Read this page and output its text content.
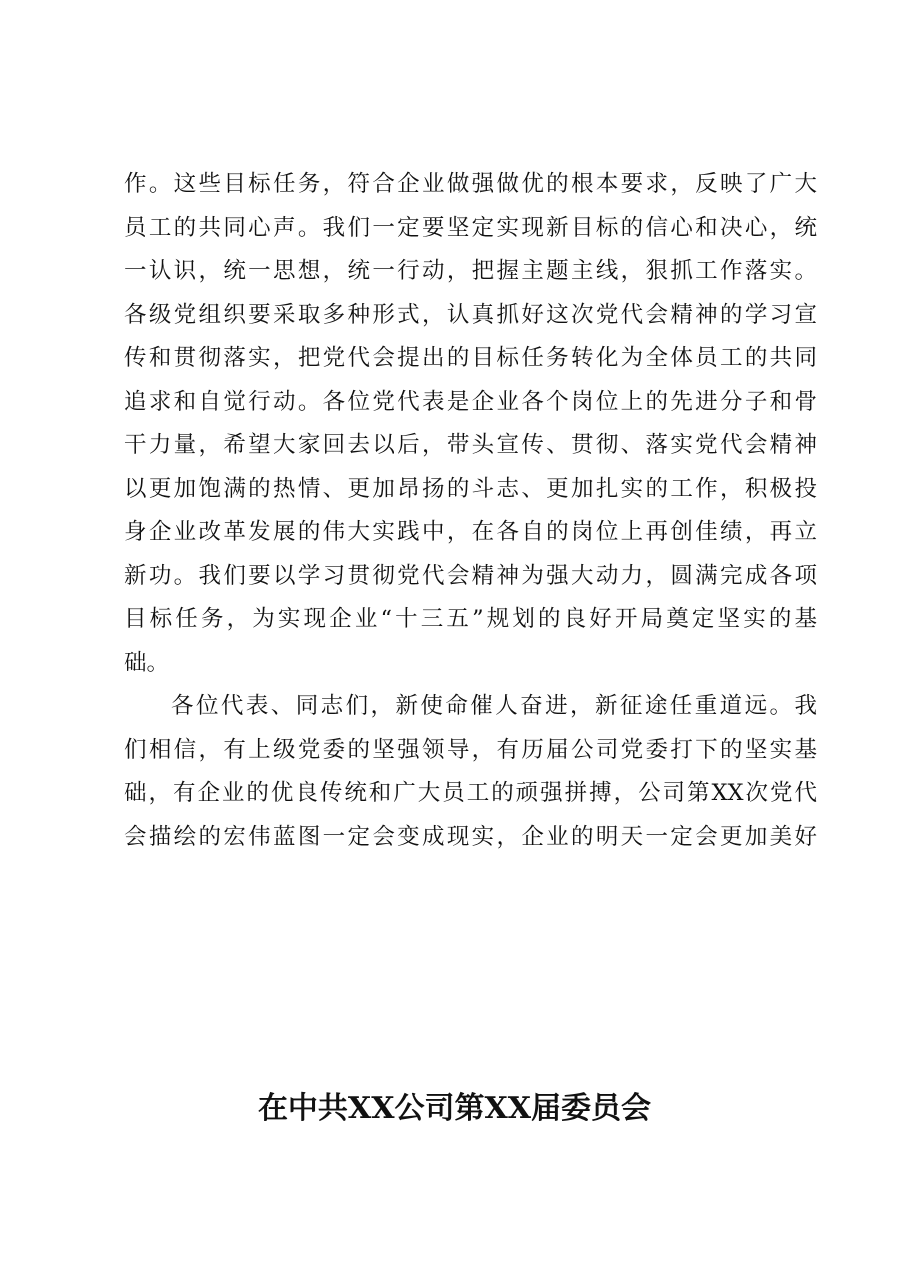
作。这些目标任务，符合企业做强做优的根本要求，反映了广大
员工的共同心声。我们一定要坚定实现新目标的信心和决心，统
一认识，统一思想，统一行动，把握主题主线，狠抓工作落实。
各级党组织要采取多种形式，认真抓好这次党代会精神的学习宣
传和贯彻落实，把党代会提出的目标任务转化为全体员工的共同
追求和自觉行动。各位党代表是企业各个岗位上的先进分子和骨
干力量，希望大家回去以后，带头宣传、贯彻、落实党代会精神
以更加饱满的热情、更加昂扬的斗志、更加扎实的工作，积极投
身企业改革发展的伟大实践中，在各自的岗位上再创佳绩，再立
新功。我们要以学习贯彻党代会精神为强大动力，圆满完成各项
目标任务，为实现企业“十三五”规划的良好开局奠定坚实的基
础。
各位代表、同志们，新使命催人奋进，新征途任重道远。我
们相信，有上级党委的坚强领导，有历届公司党委打下的坚实基
础，有企业的优良传统和广大员工的顽强拼搏，公司第XX次党代
会描绘的宏伟蓝图一定会变成现实，企业的明天一定会更加美好
在中共XX公司第XX届委员会
